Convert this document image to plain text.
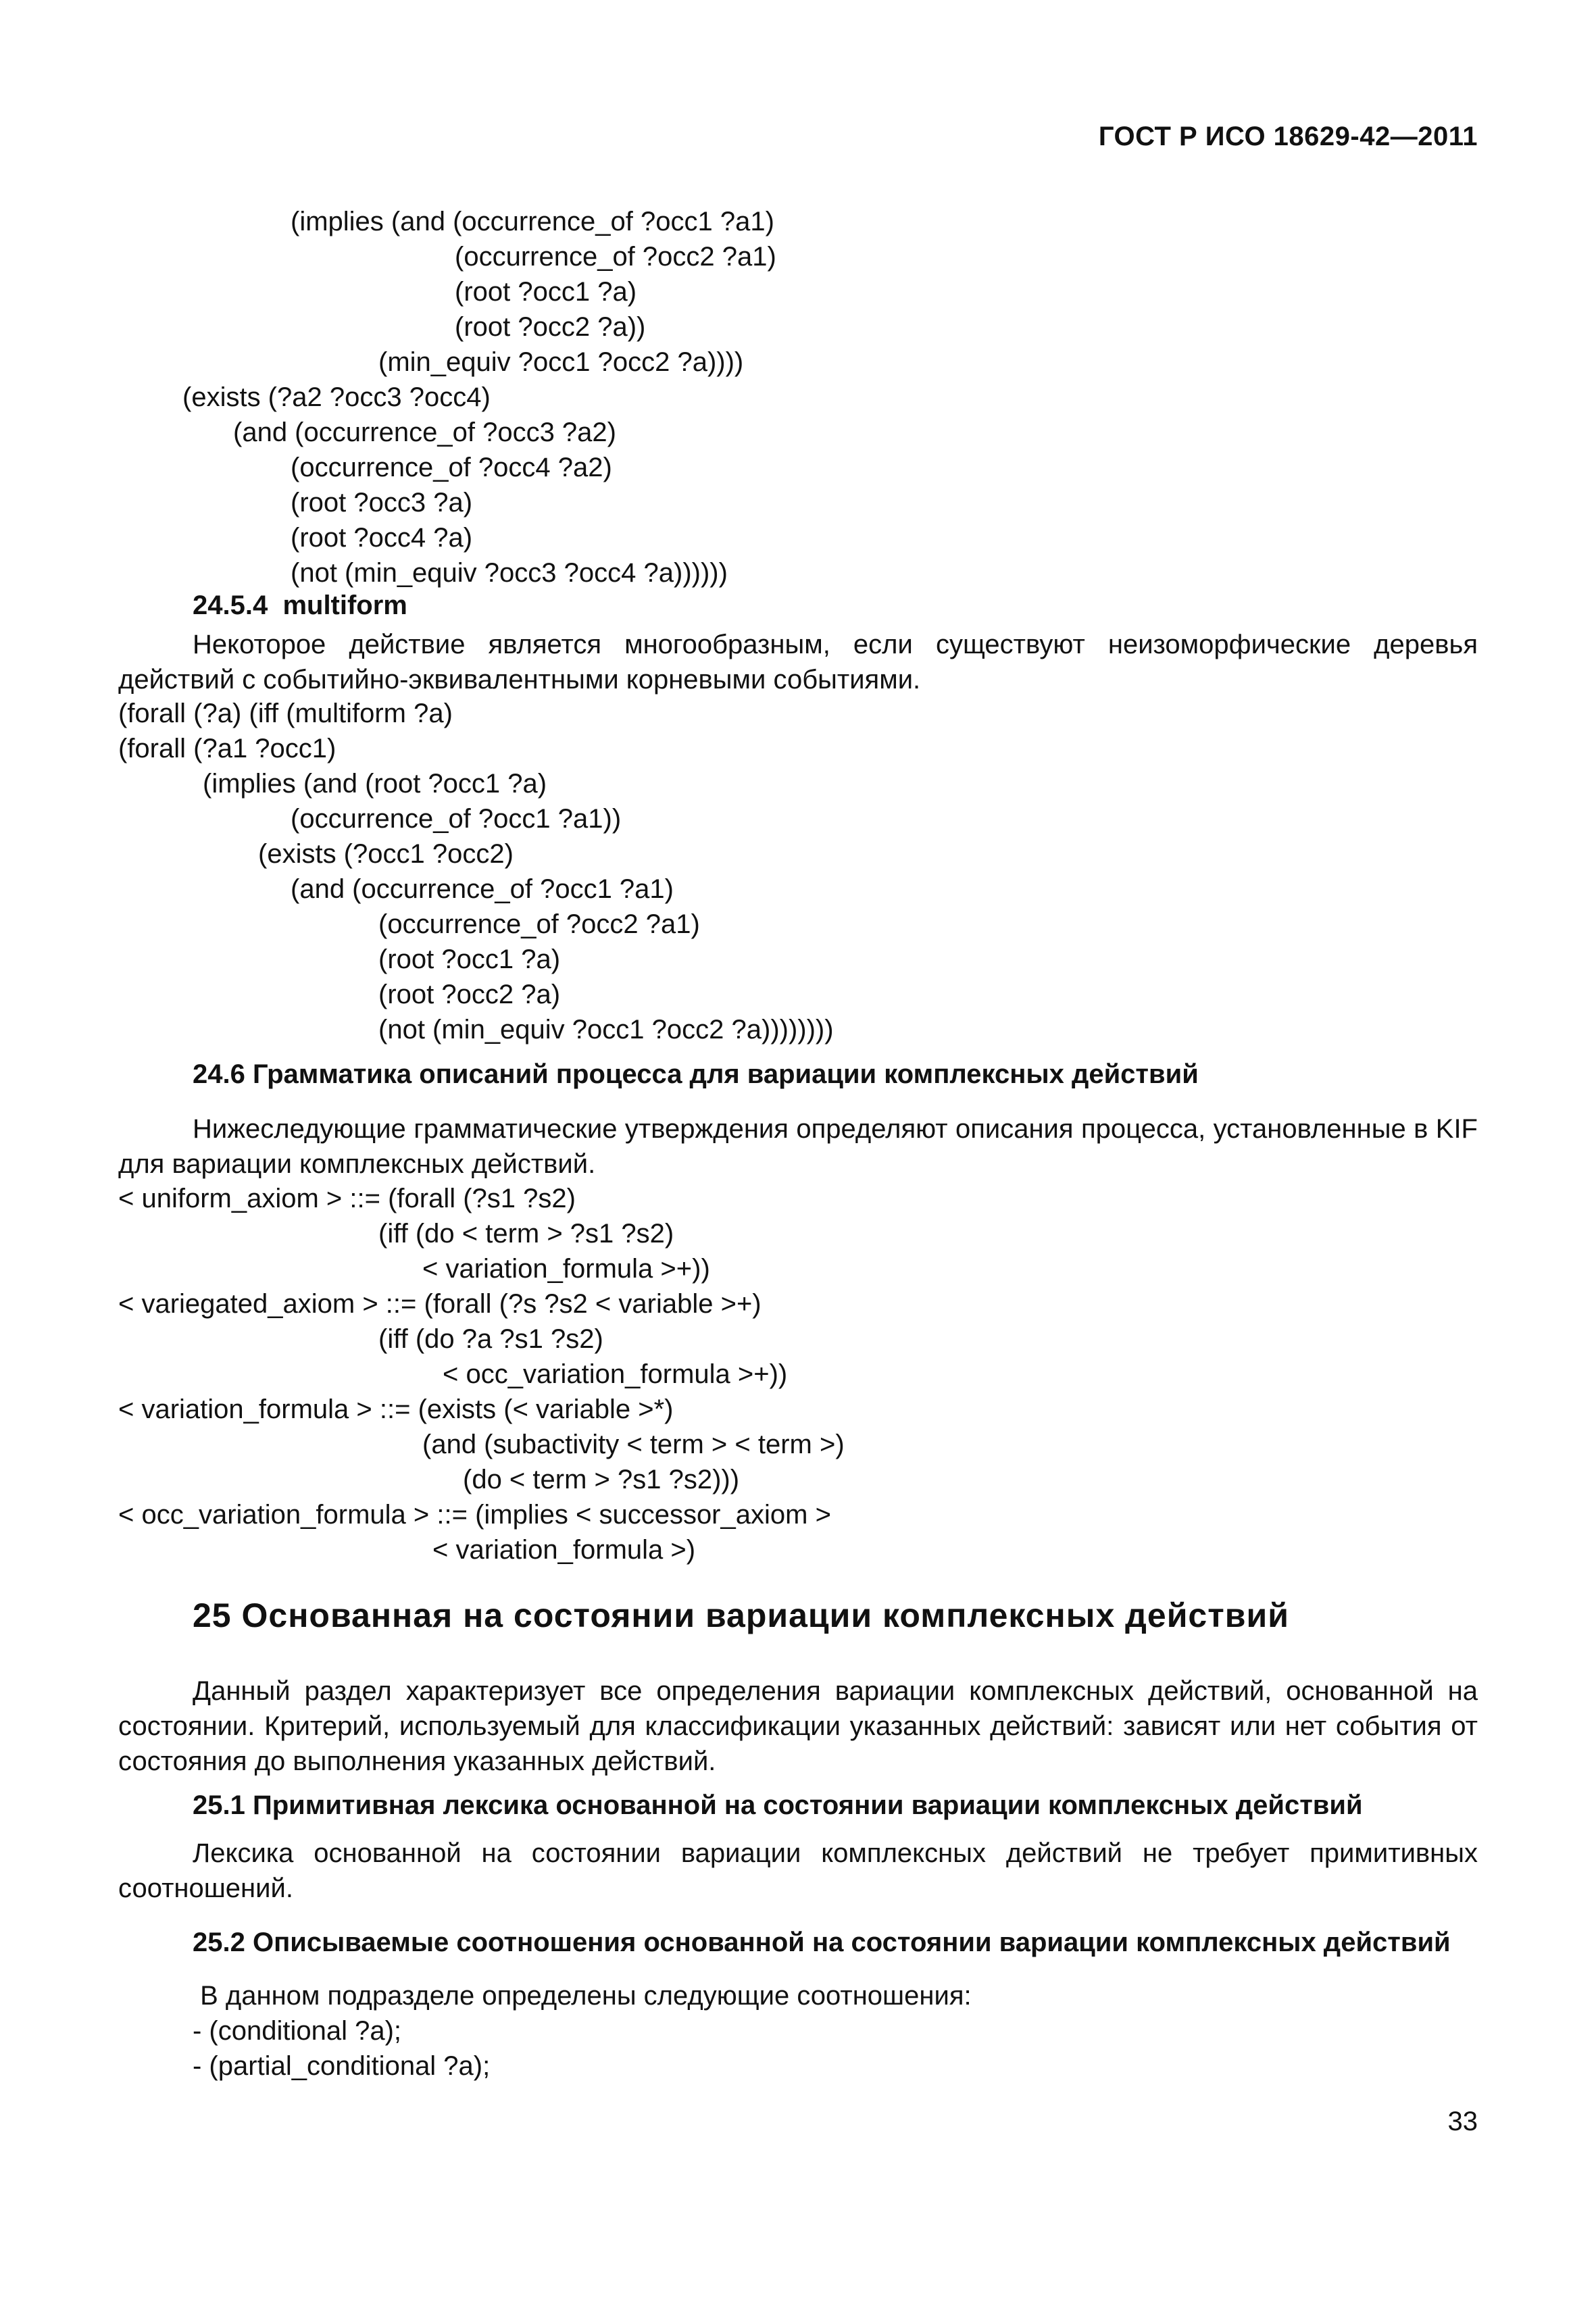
ГОСТ Р ИСО 18629-42—2011
(implies (and (occurrence_of ?occ1 ?a1)
(occurrence_of ?occ2 ?a1)
(root ?occ1 ?a)
(root ?occ2 ?a))
(min_equiv ?occ1 ?occ2 ?a))))
(exists (?a2 ?occ3 ?occ4)
(and (occurrence_of ?occ3 ?a2)
(occurrence_of ?occ4 ?a2)
(root ?occ3 ?a)
(root ?occ4 ?a)
(not (min_equiv ?occ3 ?occ4 ?a))))))
24.5.4  multiform
Некоторое действие является многообразным, если существуют неизоморфические деревья действий с событийно-эквивалентными корневыми событиями.
(forall (?a) (iff (multiform ?a)
(forall (?a1 ?occ1)
(implies (and (root ?occ1 ?a)
(occurrence_of ?occ1 ?a1))
(exists (?occ1 ?occ2)
(and (occurrence_of ?occ1 ?a1)
(occurrence_of ?occ2 ?a1)
(root ?occ1 ?a)
(root ?occ2 ?a)
(not (min_equiv ?occ1 ?occ2 ?a))))))))
24.6 Грамматика описаний процесса для вариации комплексных действий
Нижеследующие грамматические утверждения определяют описания процесса, установленные в KIF для вариации комплексных действий.
< uniform_axiom > ::= (forall (?s1 ?s2)
(iff (do < term > ?s1 ?s2)
< variation_formula >+))
< variegated_axiom > ::= (forall (?s ?s2 < variable >+)
(iff (do ?a ?s1 ?s2)
< occ_variation_formula >+))
< variation_formula > ::= (exists (< variable >*)
(and (subactivity < term > < term >)
(do < term > ?s1 ?s2)))
< occ_variation_formula > ::= (implies < successor_axiom >
< variation_formula >)
25 Основанная на состоянии вариации комплексных действий
Данный раздел характеризует все определения вариации комплексных действий, основанной на состоянии. Критерий, используемый для классификации указанных действий: зависят или нет события от состояния до выполнения указанных действий.
25.1 Примитивная лексика основанной на состоянии вариации комплексных действий
Лексика основанной на состоянии вариации комплексных действий не требует примитивных соотношений.
25.2 Описываемые соотношения основанной на состоянии вариации комплексных действий
В данном подразделе определены следующие соотношения:
- (conditional ?a);
- (partial_conditional ?a);
33
